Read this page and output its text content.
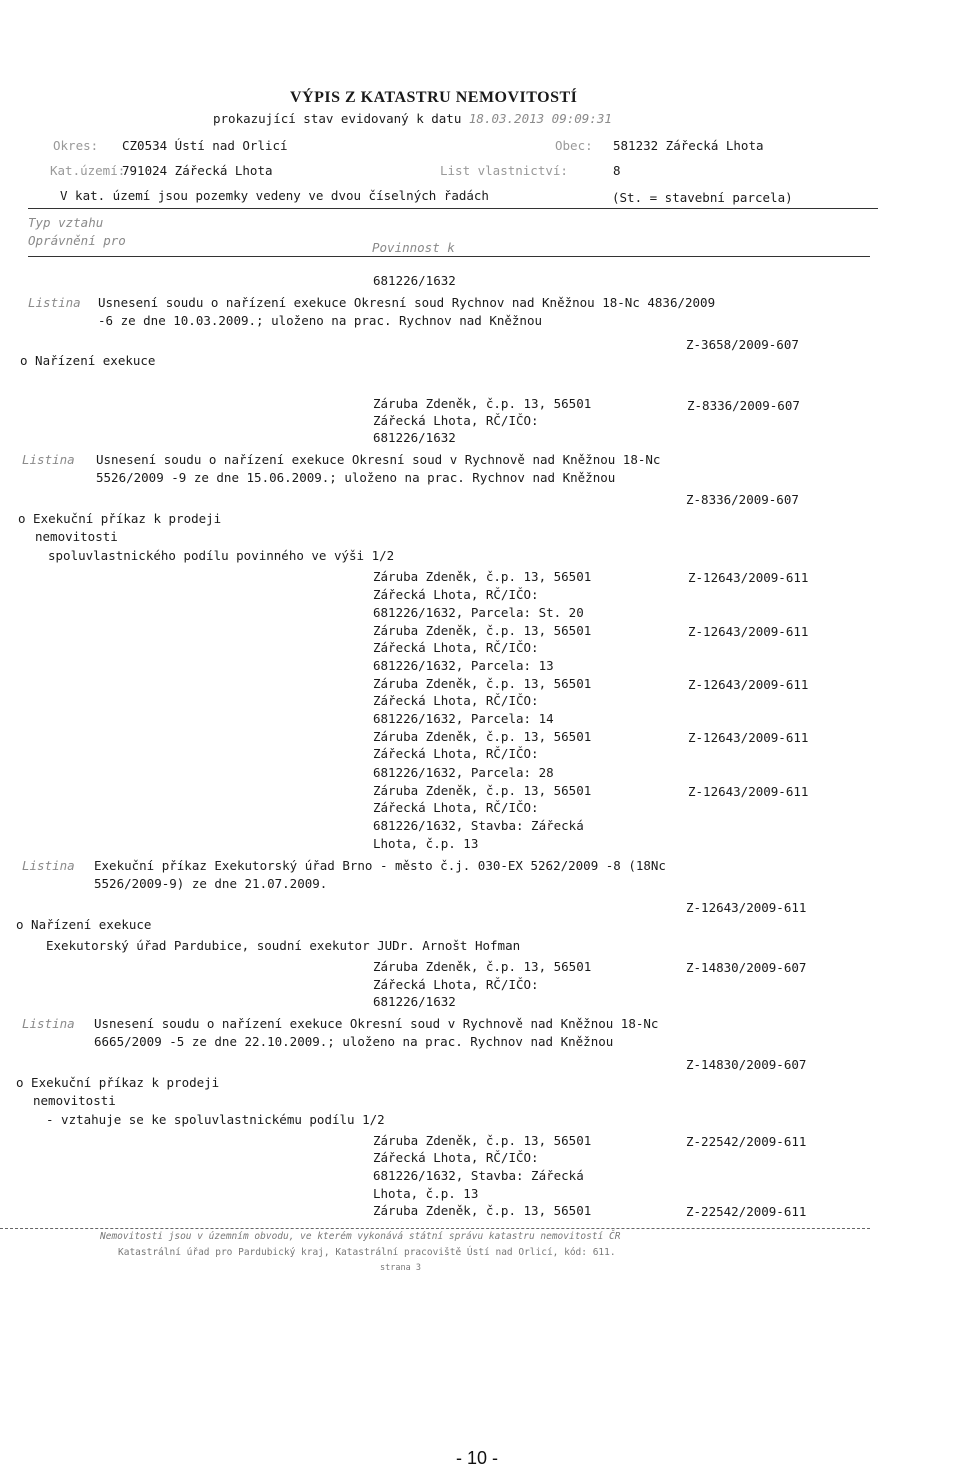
VÝPIS Z KATASTRU NEMOVITOSTÍ
prokazující stav evidovaný k datu 18.03.2013 09:09:31
Okres: CZ0534 Ústí nad Orlicí	Obec: 581232 Zářecká Lhota
Kat.území:
791024 Zářecká Lhota	List vlastnictví:	8
V kat. území jsou pozemky vedeny ve dvou číselných řadách	(St. = stavební parcela)
Typ vztahu
Oprávnění pro	Povinnost k
681226/1632
Listina Usnesení soudu o nařízení exekuce Okresní soud Rychnov nad Kněžnou 18-Nc 4836/2009
-6 ze dne 10.03.2009.; uloženo na prac. Rychnov nad Kněžnou
Z-3658/2009-607
o Nařízení exekuce
Záruba Zdeněk, č.p. 13, 56501	Z-8336/2009-607
Zářecká Lhota, RČ/IČO:
681226/1632
Listina Usnesení soudu o nařízení exekuce Okresní soud v Rychnově nad Kněžnou 18-Nc
5526/2009 -9 ze dne 15.06.2009.; uloženo na prac. Rychnov nad Kněžnou
Z-8336/2009-607
o Exekuční příkaz k prodeji
nemovitosti
spoluvlastnického podílu povinného ve výši 1/2
Záruba Zdeněk, č.p. 13, 56501	Z-12643/2009-611
Zářecká Lhota, RČ/IČO:
681226/1632, Parcela: St. 20
Záruba Zdeněk, č.p. 13, 56501	Z-12643/2009-611
Zářecká Lhota, RČ/IČO:
681226/1632, Parcela: 13
Záruba Zdeněk, č.p. 13, 56501	Z-12643/2009-611
Zářecká Lhota, RČ/IČO:
681226/1632, Parcela: 14
Záruba Zdeněk, č.p. 13, 56501	Z-12643/2009-611
Zářecká Lhota, RČ/IČO:
681226/1632, Parcela: 28
Záruba Zdeněk, č.p. 13, 56501	Z-12643/2009-611
Zářecká Lhota, RČ/IČO:
681226/1632, Stavba: Zářecká
Lhota, č.p. 13
Listina Exekuční příkaz Exekutorský úřad Brno - město č.j. 030-EX 5262/2009 -8 (18Nc
5526/2009-9) ze dne 21.07.2009.
Z-12643/2009-611
o Nařízení exekuce
Exekutorský úřad Pardubice, soudní exekutor JUDr. Arnošt Hofman
Záruba Zdeněk, č.p. 13, 56501	Z-14830/2009-607
Zářecká Lhota, RČ/IČO:
681226/1632
Listina Usnesení soudu o nařízení exekuce Okresní soud v Rychnově nad Kněžnou 18-Nc
6665/2009 -5 ze dne 22.10.2009.; uloženo na prac. Rychnov nad Kněžnou
Z-14830/2009-607
o Exekuční příkaz k prodeji
nemovitosti
- vztahuje se ke spoluvlastnickému podílu 1/2
Záruba Zdeněk, č.p. 13, 56501	Z-22542/2009-611
Zářecká Lhota, RČ/IČO:
681226/1632, Stavba: Zářecká
Lhota, č.p. 13
Záruba Zdeněk, č.p. 13, 56501	Z-22542/2009-611
Nemovitosti jsou v územním obvodu, ve kterém vykonává státní správu katastru nemovitostí ČR
Katastrální úřad pro Pardubický kraj, Katastrální pracoviště Ústí nad Orlicí, kód: 611.
strana 3
- 10 -
